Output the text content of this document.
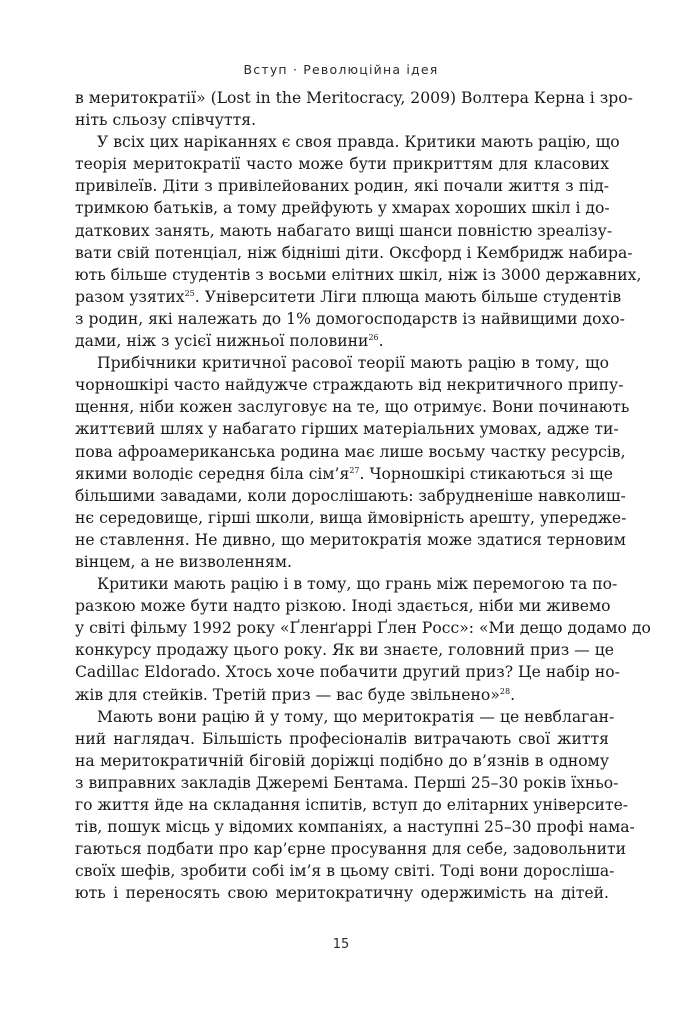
Вступ · Революційна ідея
в меритократії» (Lost in the Meritocracy, 2009) Волтера Керна і зро-
ніть сльозу співчуття.
У всіх цих наріканнях є своя правда. Критики мають рацію, що
теорія меритократії часто може бути прикриттям для класових
привілеїв. Діти з привілейованих родин, які почали життя з під-
тримкою батьків, а тому дрейфують у хмарах хороших шкіл і до-
даткових занять, мають набагато вищі шанси повністю зреалізу-
вати свій потенціал, ніж бідніші діти. Оксфорд і Кембридж набира-
ють більше студентів з восьми елітних шкіл, ніж із 3000 державних,
разом узятих$^{25}$. Університети Ліги плюща мають більше студентів
з родин, які належать до 1% домогосподарств із найвищими дохо-
дами, ніж з усієї нижньої половини$^{26}$.
Прибічники критичної расової теорії мають рацію в тому, що
чорношкірі часто найдужче страждають від некритичного припу-
щення, ніби кожен заслуговує на те, що отримує. Вони починають
життєвий шлях у набагато гірших матеріальних умовах, адже ти-
пова афроамериканська родина має лише восьму частку ресурсів,
якими володіє середня біла $сім’я^{27}$. Чорношкірі стикаються зі ще
більшими завадами, коли дорослішають: забрудненіше навколиш-
нє середовище, гірші школи, вища ймовірність арешту, упередже-
не ставлення. Не дивно, що меритократія може здатися терновим
вінцем, а не визволенням.
Критики мають рацію і в тому, що грань між перемогою та по-
разкою може бути надто різкою. Іноді здається, ніби ми живемо
у світі фільму 1992 року «Ґленґаррі Ґлен Росс»: «Ми дещо додамо до
конкурсу продажу цього року. Як ви знаєте, головний приз — це
Cadillac Eldorado. Хтось хоче побачити другий приз? Це набір но-
жів для стейків. Третій приз — вас буде звільнено»$^{28}$.
Мають вони рацію й у тому, що меритократія — це невблаган-
ний наглядач. Більшість професіоналів витрачають свої життя
на меритократичній біговій доріжці подібно до в’язнів в одному
з виправних закладів Джеремі Бентама. Перші 25–30 років їхньо-
го життя йде на складання іспитів, вступ до елітарних університе-
тів, пошук місць у відомих компаніях, а наступні 25–30 профі нама-
гаються подбати про кар’єрне просування для себе, задовольнити
своїх шефів, зробити собі ім’я в цьому світі. Тоді вони дорослішa-
ють і переносять свою меритократичну одержимість на дітей.
15
